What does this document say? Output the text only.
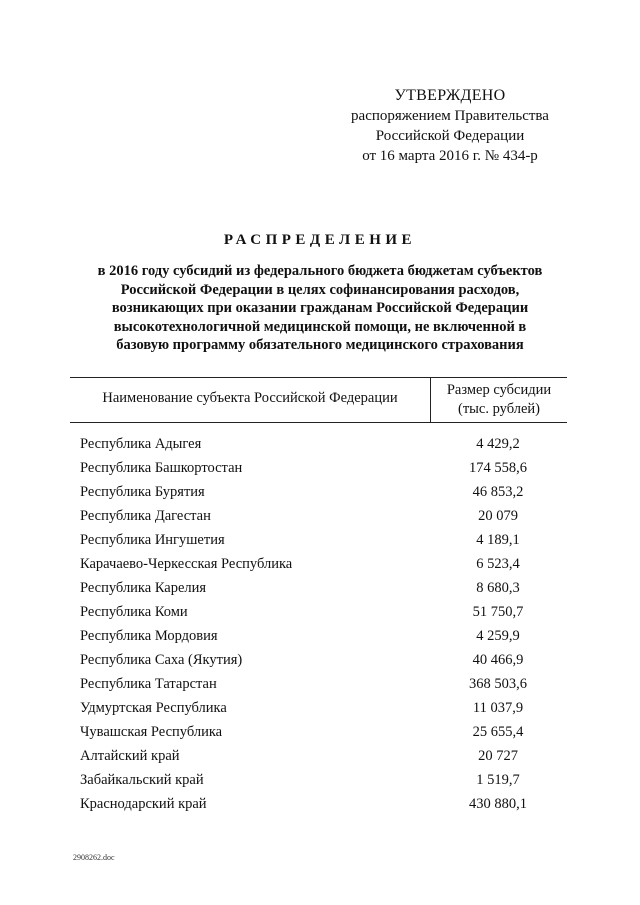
УТВЕРЖДЕНО
распоряжением Правительства
Российской Федерации
от 16 марта 2016 г. № 434-р
РАСПРЕДЕЛЕНИЕ
в 2016 году субсидий из федерального бюджета бюджетам субъектов
Российской Федерации в целях софинансирования расходов,
возникающих при оказании гражданам Российской Федерации
высокотехнологичной медицинской помощи, не включенной в
базовую программу обязательного медицинского страхования
Наименование субъекта Российской Федерации	Размер субсидии
(тыс. рублей)
Республика Адыгея	4 429,2
Республика Башкортостан	174 558,6
Республика Бурятия	46 853,2
Республика Дагестан	20 079
Республика Ингушетия	4 189,1
Карачаево-Черкесская Республика	6 523,4
Республика Карелия	8 680,3
Республика Коми	51 750,7
Республика Мордовия	4 259,9
Республика Саха (Якутия)	40 466,9
Республика Татарстан	368 503,6
Удмуртская Республика	11 037,9
Чувашская Республика	25 655,4
Алтайский край	20 727
Забайкальский край	1 519,7
Краснодарский край	430 880,1
2908262.doc
